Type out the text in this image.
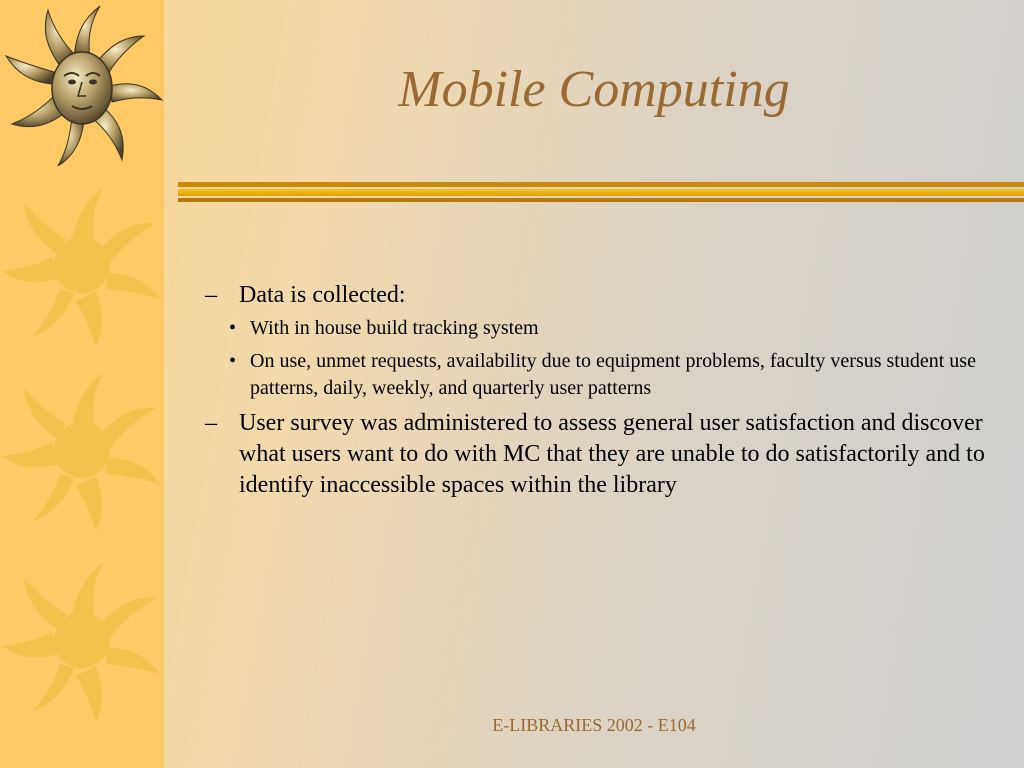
Mobile Computing
– Data is collected:
• With in house build tracking system
• On use, unmet requests, availability due to equipment problems, faculty versus student use patterns, daily, weekly, and quarterly user patterns
– User survey was administered to assess general user satisfaction and discover what users want to do with MC that they are unable to do satisfactorily and to identify inaccessible spaces within the library
E-LIBRARIES 2002 - E104
